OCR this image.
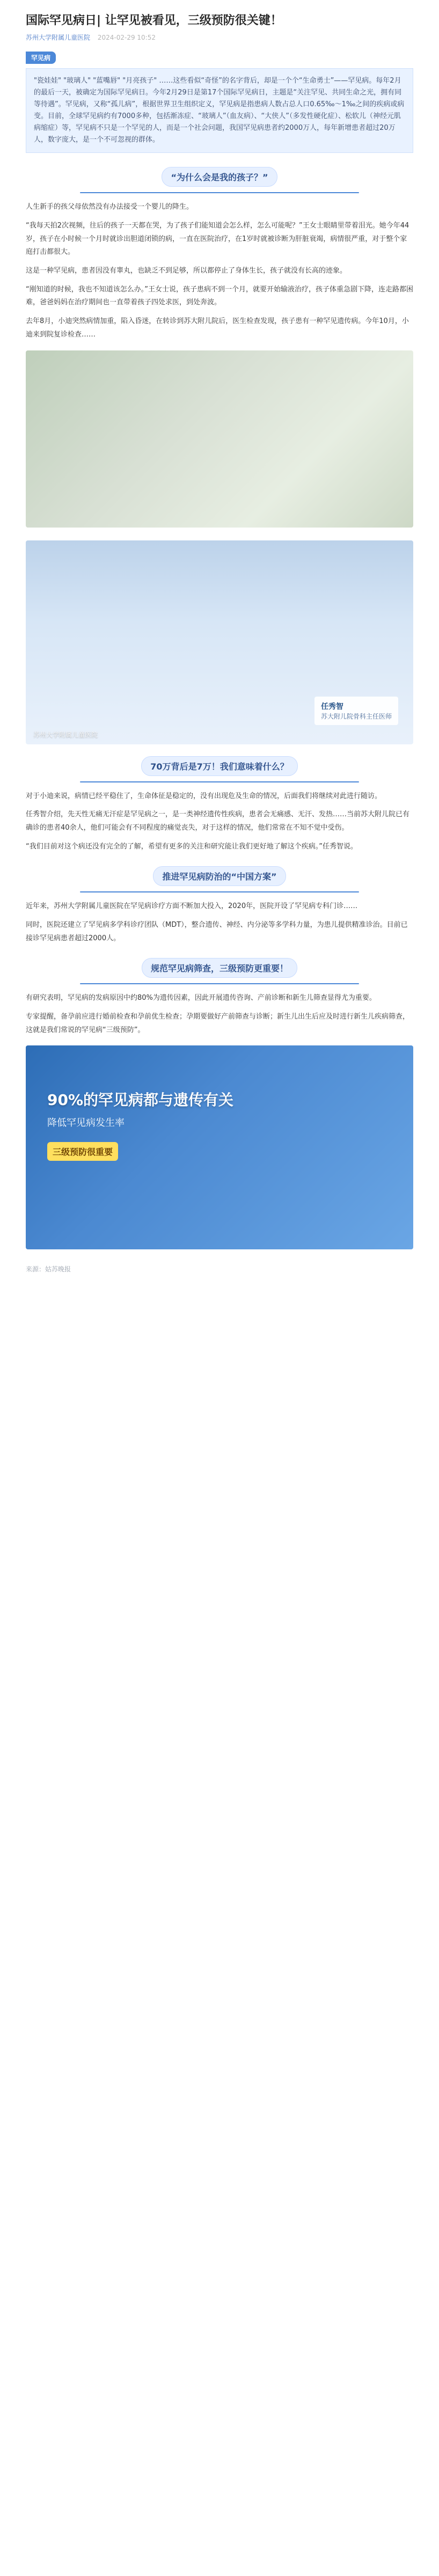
国际罕见病日| 让罕见被看见，三级预防很关键！
苏州大学附属儿童医院 2024-02-29 10:52
罕见病
"瓷娃娃" "玻璃人" "蓝嘴唇" "月亮孩子" ……这些看似“奇怪”的名字背后，却是一个个“生命勇士”——罕见病。每年2月的最后一天，被确定为国际罕见病日。今年2月29日是第17个国际罕见病日，主题是“关注罕见、共同生命之光，拥有同等待遇”。罕见病，又称“孤儿病”，根据世界卫生组织定义，罕见病是指患病人数占总人口0.65‰～1‰之间的疾病或病变。目前，全球罕见病约有7000多种，包括渐冻症、“玻璃人”（血友病）、“大侠人”（多发性硬化症）、松软儿（神经元肌病缩症）等，罕见病不只是一个罕见的人，而是一个社会问题，我国罕见病患者约2000万人，每年新增患者超过20万人，数字庞大，是一个不可忽视的群体。
“为什么会是我的孩子？”

人生新手的孩父母依然没有办法接受一个婴儿的降生。

“我每天拍2次视频，往后的孩子一天都在哭，为了孩子们能知道会怎么样，怎么可能呢？”王女士眼睛里带着泪光。她今年44岁，孩子在小时候一个月时就诊出胆道闭锁的病，一直在医院治疗，在1岁时就被诊断为肝脏衰竭，病情很严重，对于整个家庭打击都很大。

这是一种罕见病，患者因没有睾丸，也缺乏不到足够，所以都停止了身体生长，孩子就没有长高的迹象。

“刚知道的时候，我也不知道该怎么办。”王女士说，孩子患病不到一个月，就要开始输液治疗，孩子体重急剧下降，连走路都困难，爸爸妈妈在治疗期间也一直带着孩子四处求医，到处奔波。

去年8月，小迪突然病情加重，陷入昏迷，在转诊到苏大附儿院后，医生检查发现，孩子患有一种罕见遗传病。今年10月，小迪来到院复诊检查……

苏州大学附属儿童医院
任秀智
苏大附儿院骨科主任医师
70万背后是7万！我们意味着什么？

对于小迪来说，病情已经平稳住了，生命体征是稳定的，没有出现危及生命的情况，后面我们将继续对此进行随访。

任秀智介绍，先天性无痛无汗症是罕见病之一，是一类神经遗传性疾病，患者会无痛感、无汗、发热……当前苏大附儿院已有确诊的患者40余人，他们可能会有不同程度的痛觉丧失，对于这样的情况，他们常常在不知不觉中受伤。

“我们目前对这个病还没有完全的了解，希望有更多的关注和研究能让我们更好地了解这个疾病。”任秀智说。

推进罕见病防治的“中国方案”

近年来，苏州大学附属儿童医院在罕见病诊疗方面不断加大投入，2020年，医院开设了罕见病专科门诊……

同时，医院还建立了罕见病多学科诊疗团队（MDT），整合遗传、神经、内分泌等多学科力量，为患儿提供精准诊治。目前已接诊罕见病患者超过2000人。

规范罕见病筛查，三级预防更重要！

有研究表明，罕见病的发病原因中约80%为遗传因素，因此开展遗传咨询、产前诊断和新生儿筛查显得尤为重要。

专家提醒，备孕前应进行婚前检查和孕前优生检查；孕期要做好产前筛查与诊断；新生儿出生后应及时进行新生儿疾病筛查，这就是我们常说的罕见病“三级预防”。

90%的罕见病都与遗传有关
降低罕见病发生率
三级预防很重要
来源：姑苏晚报
